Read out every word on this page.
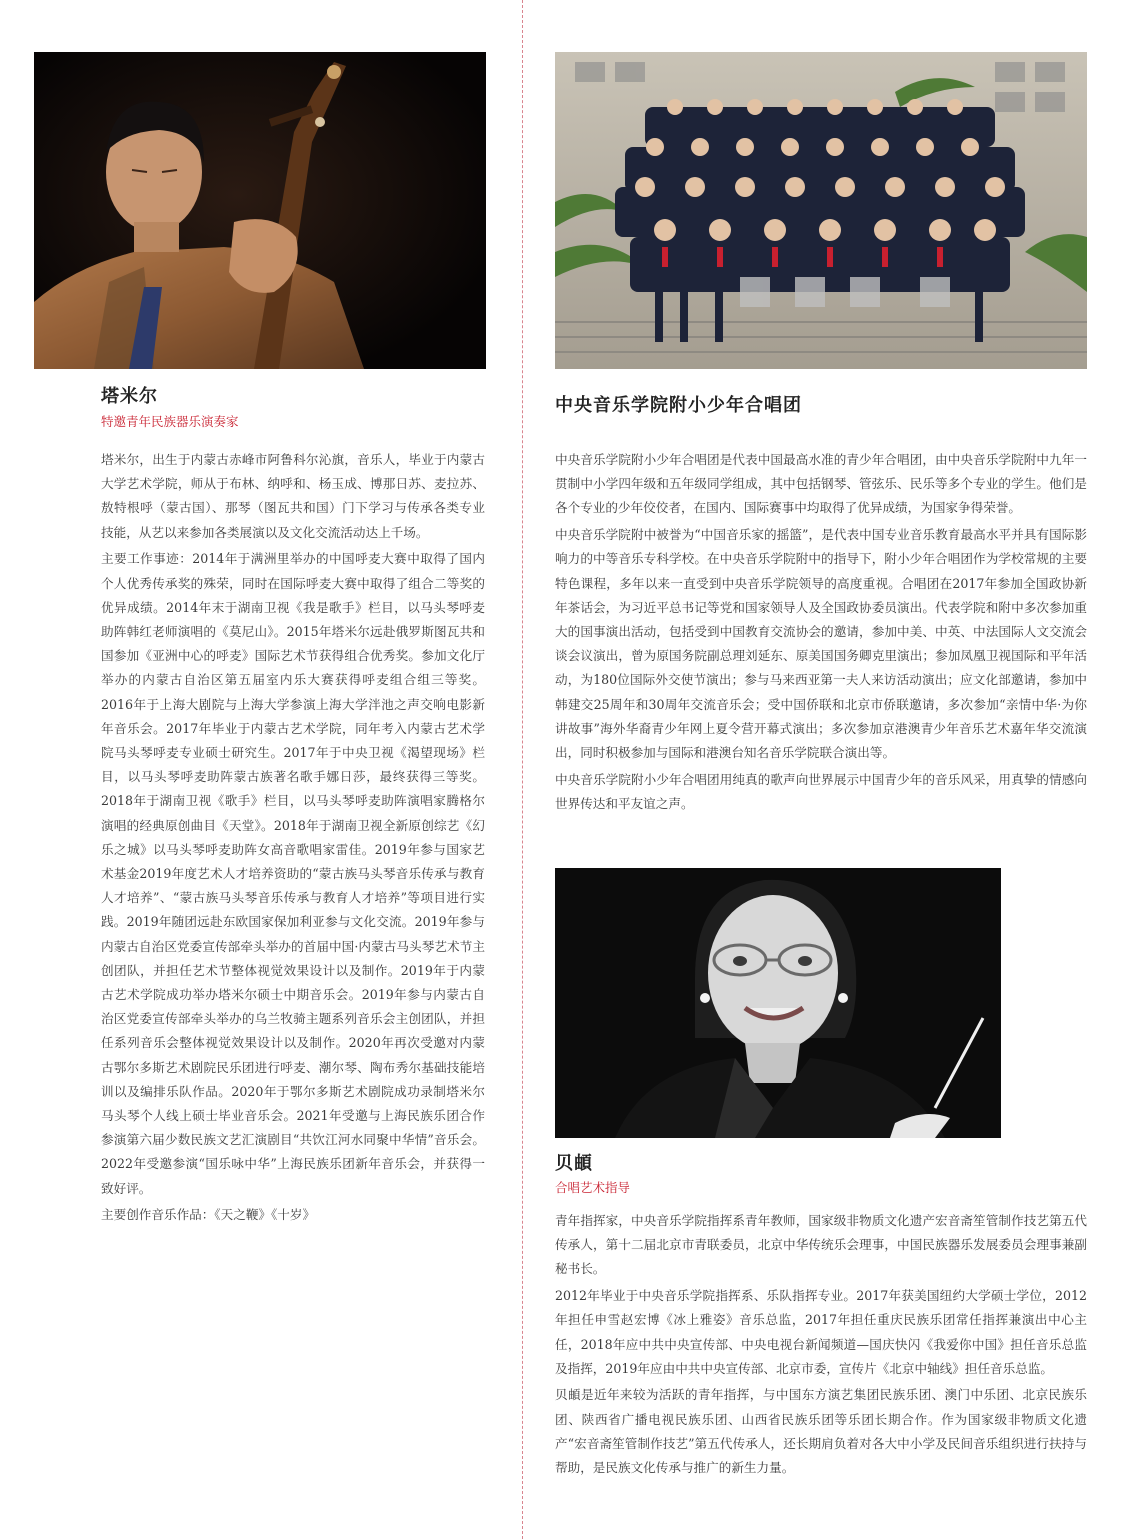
塔米尔
特邀青年民族器乐演奏家

塔米尔，出生于内蒙古赤峰市阿鲁科尔沁旗，音乐人，毕业于内蒙古大学艺术学院，师从于布林、纳呼和、杨玉成、博那日苏、麦拉苏、敖特根呼（蒙古国）、那琴（图瓦共和国）门下学习与传承各类专业技能，从艺以来参加各类展演以及文化交流活动达上千场。

主要工作事迹：2014年于满洲里举办的中国呼麦大赛中取得了国内个人优秀传承奖的殊荣，同时在国际呼麦大赛中取得了组合二等奖的优异成绩。2014年末于湖南卫视《我是歌手》栏目，以马头琴呼麦助阵韩红老师演唱的《莫尼山》。2015年塔米尔远赴俄罗斯图瓦共和国参加《亚洲中心的呼麦》国际艺术节获得组合优秀奖。参加文化厅举办的内蒙古自治区第五届室内乐大赛获得呼麦组合组三等奖。2016年于上海大剧院与上海大学参演上海大学泮池之声交响电影新年音乐会。2017年毕业于内蒙古艺术学院，同年考入内蒙古艺术学院马头琴呼麦专业硕士研究生。2017年于中央卫视《渴望现场》栏目，以马头琴呼麦助阵蒙古族著名歌手娜日莎，最终获得三等奖。2018年于湖南卫视《歌手》栏目，以马头琴呼麦助阵演唱家腾格尔演唱的经典原创曲目《天堂》。2018年于湖南卫视全新原创综艺《幻乐之城》以马头琴呼麦助阵女高音歌唱家雷佳。2019年参与国家艺术基金2019年度艺术人才培养资助的“蒙古族马头琴音乐传承与教育人才培养”、“蒙古族马头琴音乐传承与教育人才培养”等项目进行实践。2019年随团远赴东欧国家保加利亚参与文化交流。2019年参与内蒙古自治区党委宣传部牵头举办的首届中国·内蒙古马头琴艺术节主创团队，并担任艺术节整体视觉效果设计以及制作。2019年于内蒙古艺术学院成功举办塔米尔硕士中期音乐会。2019年参与内蒙古自治区党委宣传部牵头举办的乌兰牧骑主题系列音乐会主创团队，并担任系列音乐会整体视觉效果设计以及制作。2020年再次受邀对内蒙古鄂尔多斯艺术剧院民乐团进行呼麦、潮尔琴、陶布秀尔基础技能培训以及编排乐队作品。2020年于鄂尔多斯艺术剧院成功录制塔米尔马头琴个人线上硕士毕业音乐会。2021年受邀与上海民族乐团合作参演第六届少数民族文艺汇演剧目“共饮江河水同聚中华情”音乐会。2022年受邀参演“国乐咏中华”上海民族乐团新年音乐会，并获得一致好评。

主要创作音乐作品：《天之鞭》《十岁》

中央音乐学院附小少年合唱团

中央音乐学院附小少年合唱团是代表中国最高水准的青少年合唱团，由中央音乐学院附中九年一贯制中小学四年级和五年级同学组成，其中包括钢琴、管弦乐、民乐等多个专业的学生。他们是各个专业的少年佼佼者，在国内、国际赛事中均取得了优异成绩，为国家争得荣誉。

中央音乐学院附中被誉为“中国音乐家的摇篮”，是代表中国专业音乐教育最高水平并具有国际影响力的中等音乐专科学校。在中央音乐学院附中的指导下，附小少年合唱团作为学校常规的主要特色课程，多年以来一直受到中央音乐学院领导的高度重视。合唱团在2017年参加全国政协新年茶话会，为习近平总书记等党和国家领导人及全国政协委员演出。代表学院和附中多次参加重大的国事演出活动，包括受到中国教育交流协会的邀请，参加中美、中英、中法国际人文交流会谈会议演出，曾为原国务院副总理刘延东、原美国国务卿克里演出；参加凤凰卫视国际和平年活动，为180位国际外交使节演出；参与马来西亚第一夫人来访活动演出；应文化部邀请，参加中韩建交25周年和30周年交流音乐会；受中国侨联和北京市侨联邀请，多次参加“亲情中华·为你讲故事”海外华裔青少年网上夏令营开幕式演出；多次参加京港澳青少年音乐艺术嘉年华交流演出，同时积极参加与国际和港澳台知名音乐学院联合演出等。

中央音乐学院附小少年合唱团用纯真的歌声向世界展示中国青少年的音乐风采，用真挚的情感向世界传达和平友谊之声。

贝頔
合唱艺术指导

青年指挥家，中央音乐学院指挥系青年教师，国家级非物质文化遗产宏音斋笙管制作技艺第五代传承人，第十二届北京市青联委员，北京中华传统乐会理事，中国民族器乐发展委员会理事兼副秘书长。

2012年毕业于中央音乐学院指挥系、乐队指挥专业。2017年获美国纽约大学硕士学位，2012年担任申雪赵宏博《冰上雅姿》音乐总监，2017年担任重庆民族乐团常任指挥兼演出中心主任，2018年应中共中央宣传部、中央电视台新闻频道—国庆快闪《我爱你中国》担任音乐总监及指挥，2019年应由中共中央宣传部、北京市委，宣传片《北京中轴线》担任音乐总监。

贝頔是近年来较为活跃的青年指挥，与中国东方演艺集团民族乐团、澳门中乐团、北京民族乐团、陕西省广播电视民族乐团、山西省民族乐团等乐团长期合作。作为国家级非物质文化遗产“宏音斋笙管制作技艺”第五代传承人，还长期肩负着对各大中小学及民间音乐组织进行扶持与帮助，是民族文化传承与推广的新生力量。
